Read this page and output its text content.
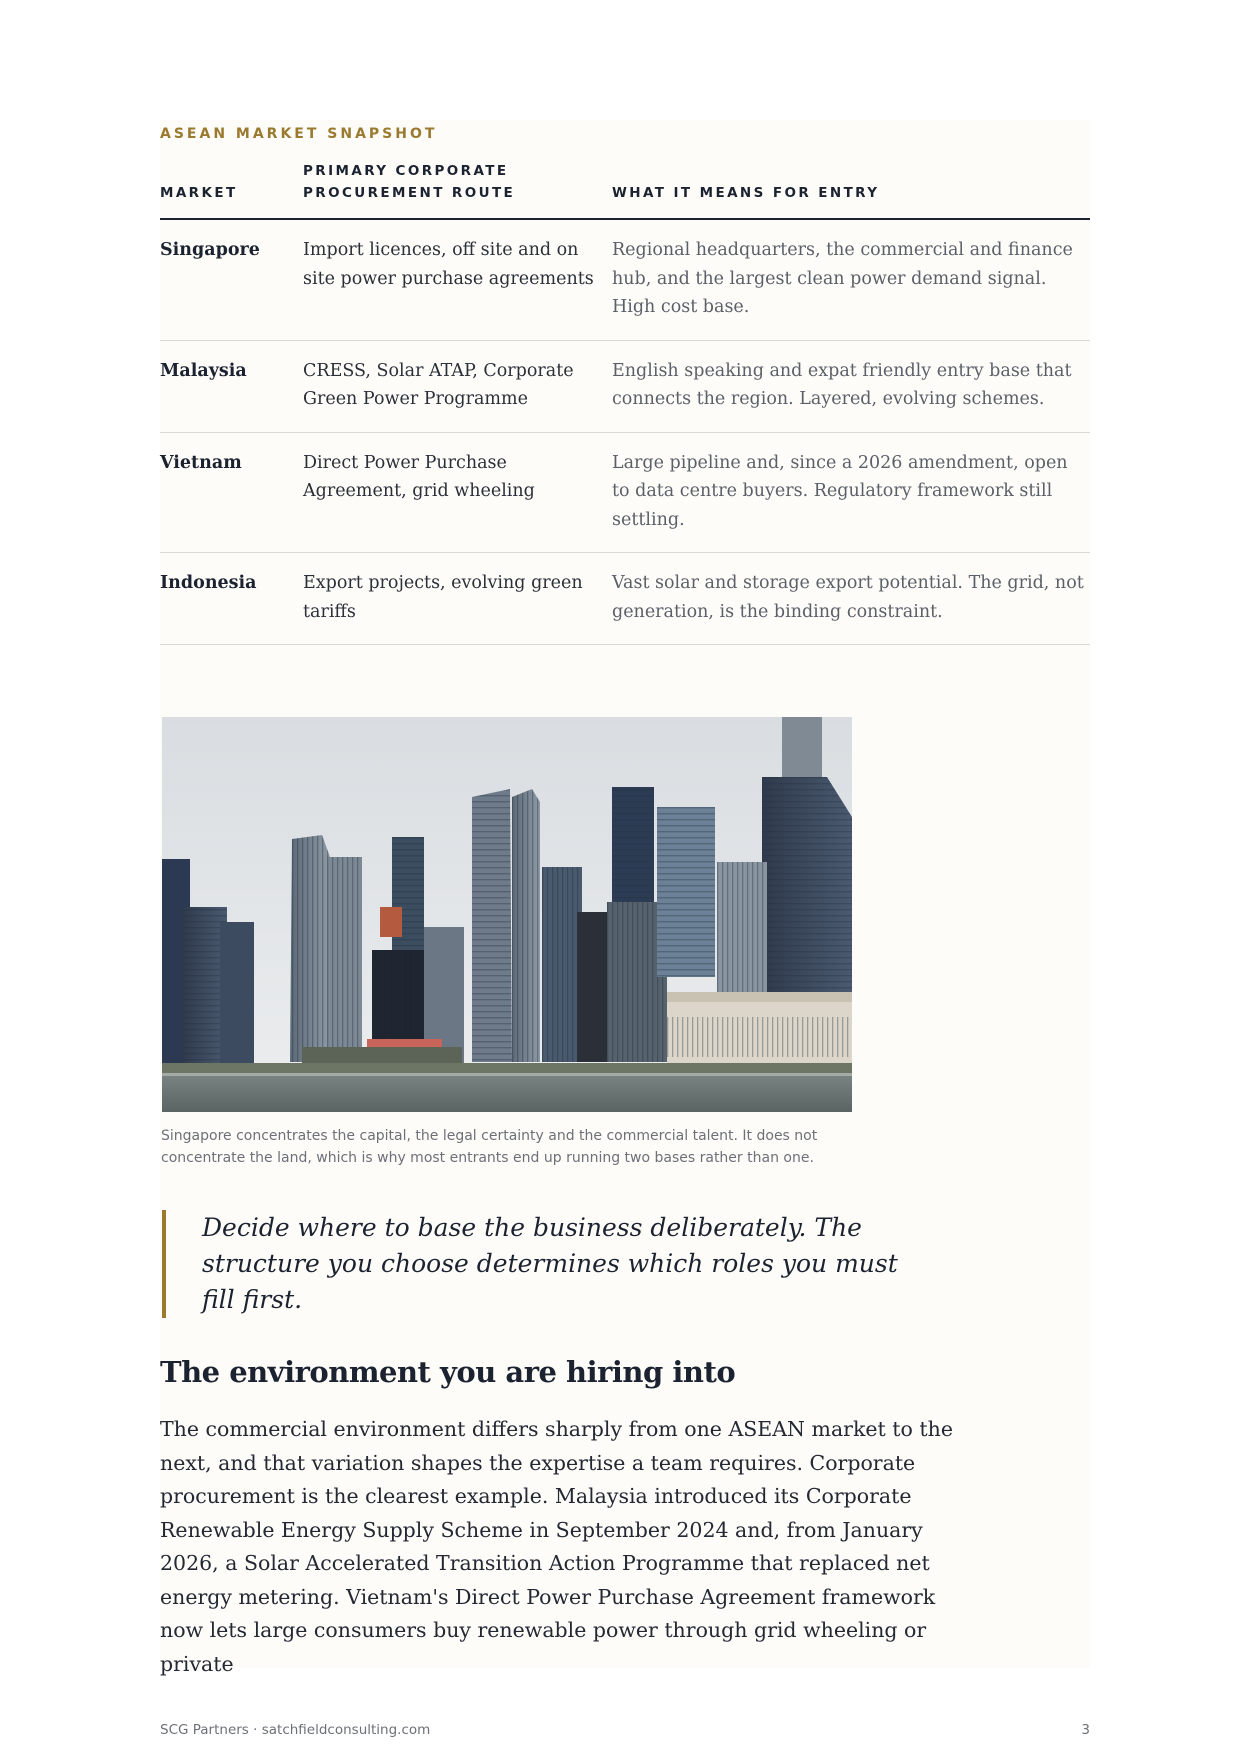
ASEAN MARKET SNAPSHOT
MARKET	PRIMARY CORPORATE PROCUREMENT ROUTE	WHAT IT MEANS FOR ENTRY
Singapore	Import licences, off site and on site power purchase agreements	Regional headquarters, the commercial and finance hub, and the largest clean power demand signal. High cost base.
Malaysia	CRESS, Solar ATAP, Corporate Green Power Programme	English speaking and expat friendly entry base that connects the region. Layered, evolving schemes.
Vietnam	Direct Power Purchase Agreement, grid wheeling	Large pipeline and, since a 2026 amendment, open to data centre buyers. Regulatory framework still settling.
Indonesia	Export projects, evolving green tariffs	Vast solar and storage export potential. The grid, not generation, is the binding constraint.
Singapore concentrates the capital, the legal certainty and the commercial talent. It does not concentrate the land, which is why most entrants end up running two bases rather than one.

Decide where to base the business deliberately. The structure you choose determines which roles you must fill first.

The environment you are hiring into

The commercial environment differs sharply from one ASEAN market to the next, and that variation shapes the expertise a team requires. Corporate procurement is the clearest example. Malaysia introduced its Corporate Renewable Energy Supply Scheme in September 2024 and, from January 2026, a Solar Accelerated Transition Action Programme that replaced net energy metering. Vietnam's Direct Power Purchase Agreement framework now lets large consumers buy renewable power through grid wheeling or private

SCG Partners · satchfieldconsulting.com	3
